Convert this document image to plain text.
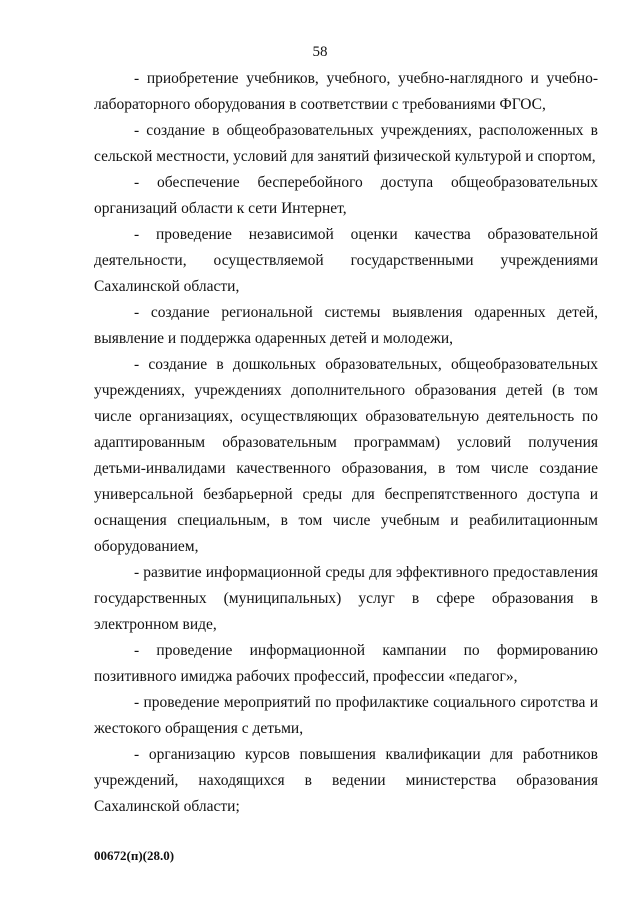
58

- приобретение учебников, учебного, учебно-наглядного и учебно-лабораторного оборудования в соответствии с требованиями ФГОС,

- создание в общеобразовательных учреждениях, расположенных в сельской местности, условий для занятий физической культурой и спортом,

- обеспечение бесперебойного доступа общеобразовательных организаций области к сети Интернет,

- проведение независимой оценки качества образовательной деятельности, осуществляемой государственными учреждениями Сахалинской области,

- создание региональной системы выявления одаренных детей, выявление и поддержка одаренных детей и молодежи,

- создание в дошкольных образовательных, общеобразовательных учреждениях, учреждениях дополнительного образования детей (в том числе организациях, осуществляющих образовательную деятельность по адаптированным образовательным программам) условий получения детьми-инвалидами качественного образования, в том числе создание универсальной безбарьерной среды для беспрепятственного доступа и оснащения специальным, в том числе учебным и реабилитационным оборудованием,

- развитие информационной среды для эффективного предоставления государственных (муниципальных) услуг в сфере образования в электронном виде,

- проведение информационной кампании по формированию позитивного имиджа рабочих профессий, профессии «педагог»,

- проведение мероприятий по профилактике социального сиротства и жестокого обращения с детьми,

- организацию курсов повышения квалификации для работников учреждений, находящихся в ведении министерства образования Сахалинской области;

00672(п)(28.0)
